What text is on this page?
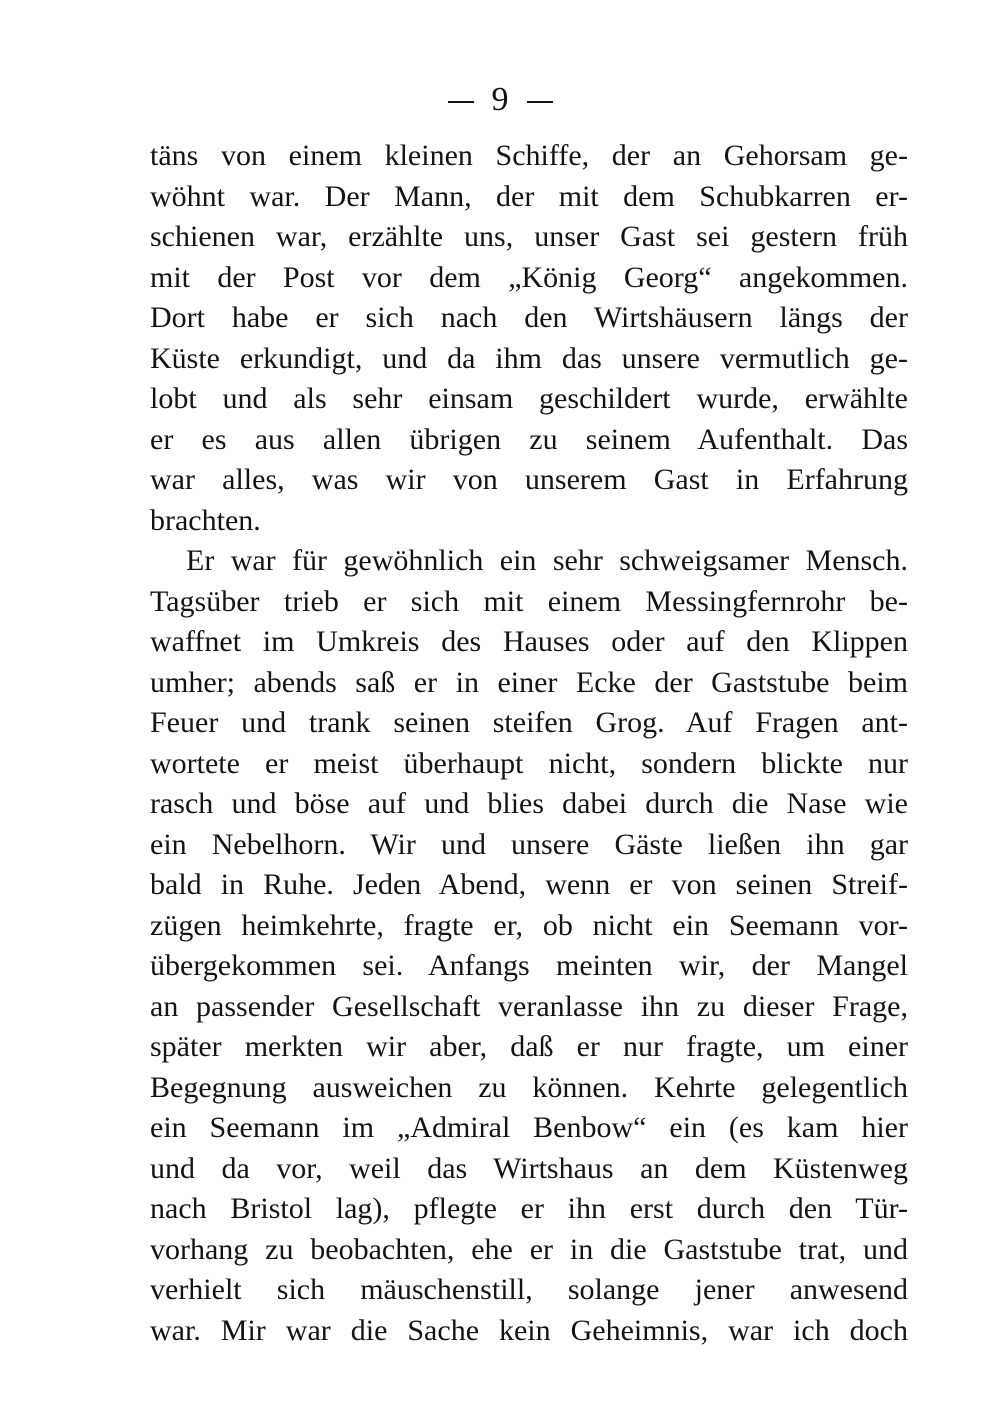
9
täns von einem kleinen Schiffe, der an Gehorsam ge-
wöhnt war. Der Mann, der mit dem Schubkarren er-
schienen war, erzählte uns, unser Gast sei gestern früh
mit der Post vor dem „König Georg“ angekommen.
Dort habe er sich nach den Wirtshäusern längs der
Küste erkundigt, und da ihm das unsere vermutlich ge-
lobt und als sehr einsam geschildert wurde, erwählte
er es aus allen übrigen zu seinem Aufenthalt. Das
war alles, was wir von unserem Gast in Erfahrung
brachten.
Er war für gewöhnlich ein sehr schweigsamer Mensch.
Tagsüber trieb er sich mit einem Messingfernrohr be-
waffnet im Umkreis des Hauses oder auf den Klippen
umher; abends saß er in einer Ecke der Gaststube beim
Feuer und trank seinen steifen Grog. Auf Fragen ant-
wortete er meist überhaupt nicht, sondern blickte nur
rasch und böse auf und blies dabei durch die Nase wie
ein Nebelhorn. Wir und unsere Gäste ließen ihn gar
bald in Ruhe. Jeden Abend, wenn er von seinen Streif-
zügen heimkehrte, fragte er, ob nicht ein Seemann vor-
übergekommen sei. Anfangs meinten wir, der Mangel
an passender Gesellschaft veranlasse ihn zu dieser Frage,
später merkten wir aber, daß er nur fragte, um einer
Begegnung ausweichen zu können. Kehrte gelegentlich
ein Seemann im „Admiral Benbow“ ein (es kam hier
und da vor, weil das Wirtshaus an dem Küstenweg
nach Bristol lag), pflegte er ihn erst durch den Tür-
vorhang zu beobachten, ehe er in die Gaststube trat, und
verhielt sich mäuschenstill, solange jener anwesend
war. Mir war die Sache kein Geheimnis, war ich doch
